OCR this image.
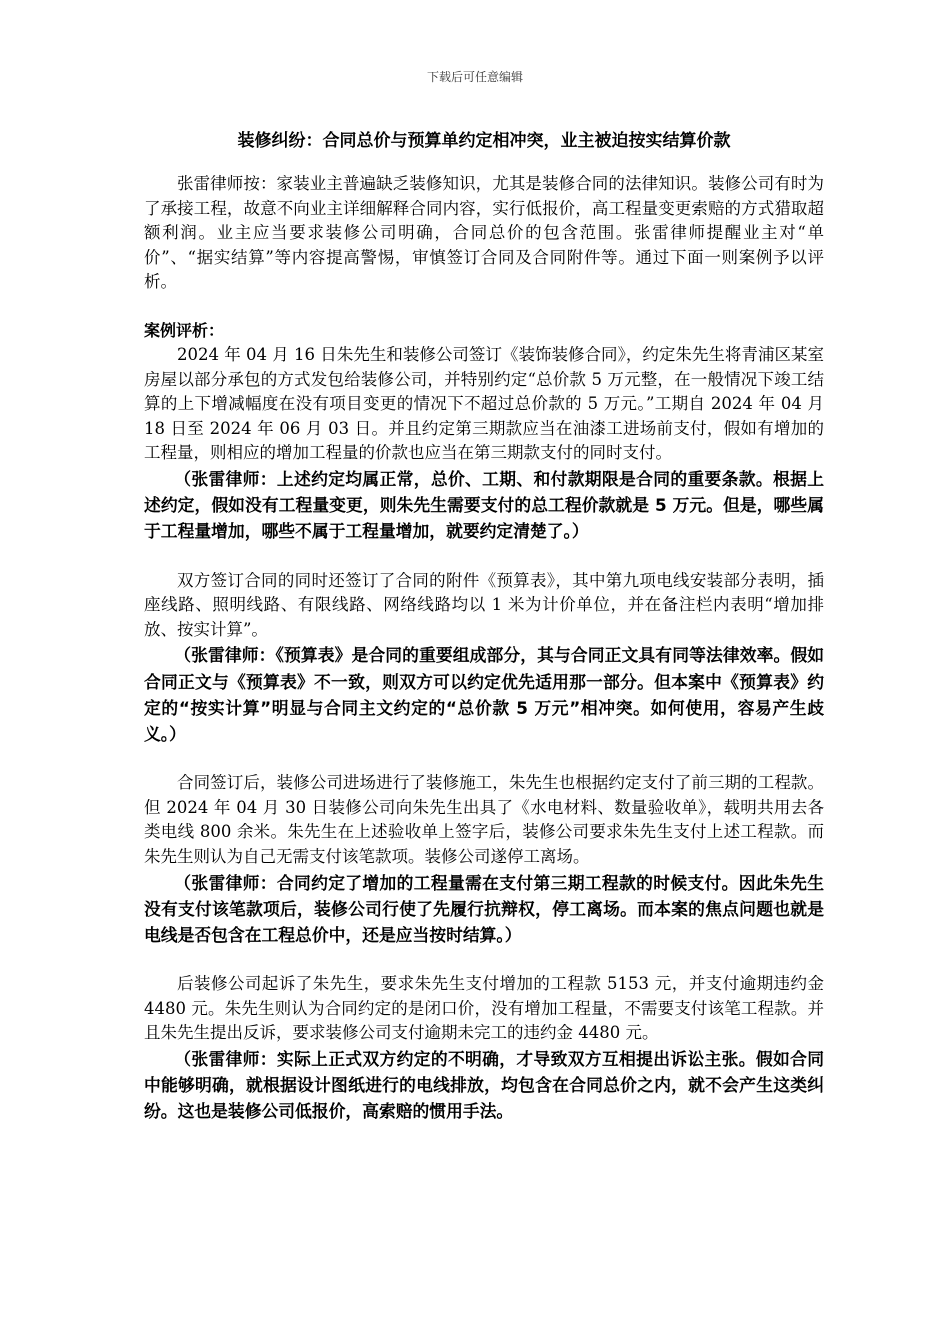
下载后可任意编辑
装修纠纷：合同总价与预算单约定相冲突，业主被迫按实结算价款

张雷律师按：家装业主普遍缺乏装修知识，尤其是装修合同的法律知识。装修公司有时为了承接工程，故意不向业主详细解释合同内容，实行低报价，高工程量变更索赔的方式猎取超额利润。业主应当要求装修公司明确，合同总价的包含范围。张雷律师提醒业主对“单价”、“据实结算”等内容提高警惕，审慎签订合同及合同附件等。通过下面一则案例予以评析。

案例评析：

2024 年 04 月 16 日朱先生和装修公司签订《装饰装修合同》，约定朱先生将青浦区某室房屋以部分承包的方式发包给装修公司，并特别约定“总价款 5 万元整，在一般情况下竣工结算的上下增减幅度在没有项目变更的情况下不超过总价款的 5 万元。”工期自 2024 年 04 月 18 日至 2024 年 06 月 03 日。并且约定第三期款应当在油漆工进场前支付，假如有增加的工程量，则相应的增加工程量的价款也应当在第三期款支付的同时支付。

（张雷律师：上述约定均属正常，总价、工期、和付款期限是合同的重要条款。根据上述约定，假如没有工程量变更，则朱先生需要支付的总工程价款就是 5 万元。但是，哪些属于工程量增加，哪些不属于工程量增加，就要约定清楚了。）

双方签订合同的同时还签订了合同的附件《预算表》，其中第九项电线安装部分表明，插座线路、照明线路、有限线路、网络线路均以 1 米为计价单位，并在备注栏内表明“增加排放、按实计算”。

（张雷律师：《预算表》是合同的重要组成部分，其与合同正文具有同等法律效率。假如合同正文与《预算表》不一致，则双方可以约定优先适用那一部分。但本案中《预算表》约定的“按实计算”明显与合同主文约定的“总价款 5 万元”相冲突。如何使用，容易产生歧义。）

合同签订后，装修公司进场进行了装修施工，朱先生也根据约定支付了前三期的工程款。但 2024 年 04 月 30 日装修公司向朱先生出具了《水电材料、数量验收单》，载明共用去各类电线 800 余米。朱先生在上述验收单上签字后，装修公司要求朱先生支付上述工程款。而朱先生则认为自己无需支付该笔款项。装修公司遂停工离场。

（张雷律师：合同约定了增加的工程量需在支付第三期工程款的时候支付。因此朱先生没有支付该笔款项后，装修公司行使了先履行抗辩权，停工离场。而本案的焦点问题也就是电线是否包含在工程总价中，还是应当按时结算。）

后装修公司起诉了朱先生，要求朱先生支付增加的工程款 5153 元，并支付逾期违约金 4480 元。朱先生则认为合同约定的是闭口价，没有增加工程量，不需要支付该笔工程款。并且朱先生提出反诉，要求装修公司支付逾期未完工的违约金 4480 元。

（张雷律师：实际上正式双方约定的不明确，才导致双方互相提出诉讼主张。假如合同中能够明确，就根据设计图纸进行的电线排放，均包含在合同总价之内，就不会产生这类纠纷。这也是装修公司低报价，高索赔的惯用手法。
